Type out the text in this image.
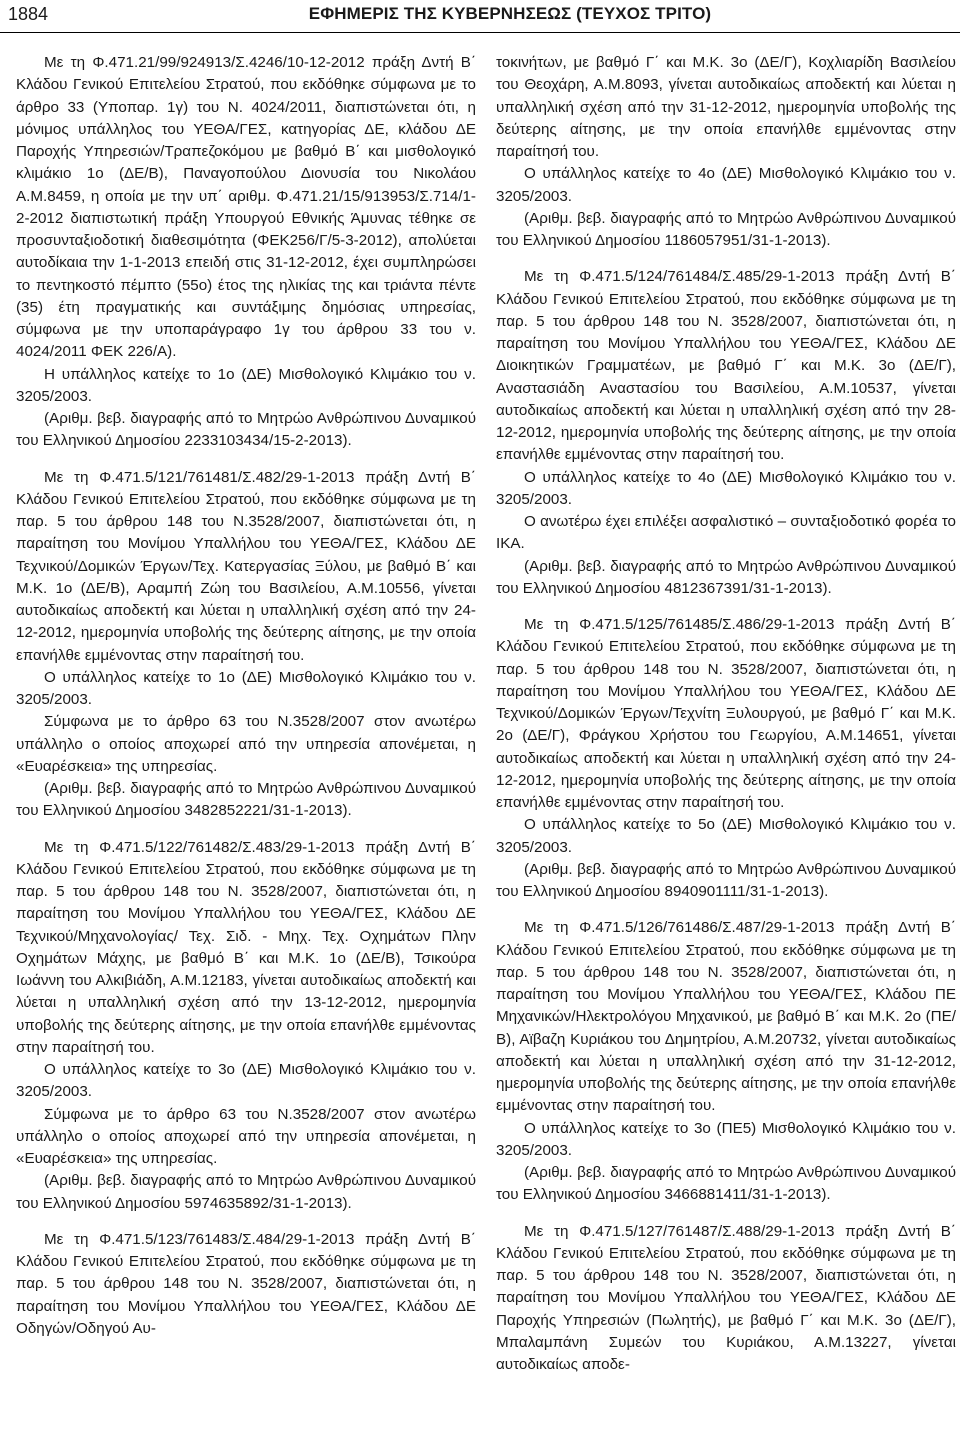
1884	ΕΦΗΜΕΡΙΣ ΤΗΣ ΚΥΒΕΡΝΗΣΕΩΣ (ΤΕΥΧΟΣ ΤΡΙΤΟ)

Με τη Φ.471.21/99/924913/Σ.4246/10-12-2012 πράξη Δντή Β΄ Κλάδου Γενικού Επιτελείου Στρατού, που εκδόθηκε σύμφωνα με το άρθρο 33 (Υποπαρ. 1γ) του Ν. 4024/2011, διαπιστώνεται ότι, η μόνιμος υπάλληλος του ΥΕΘΑ/ΓΕΣ, κατηγορίας ΔΕ, κλάδου ΔΕ Παροχής Υπηρεσιών/Τραπεζοκόμου με βαθμό Β΄ και μισθολογικό κλιμάκιο 1ο (ΔΕ/Β), Παναγοπούλου Διονυσία του Νικολάου Α.Μ.8459, η οποία με την υπ΄ αριθμ. Φ.471.21/15/913953/Σ.714/1-2-2012 διαπιστωτική πράξη Υπουργού Εθνικής Άμυνας τέθηκε σε προσυνταξιοδοτική διαθεσιμότητα (ΦΕΚ256/Γ/5-3-2012), απολύεται αυτοδίκαια την 1-1-2013 επειδή στις 31-12-2012, έχει συμπληρώσει το πεντηκοστό πέμπτο (55ο) έτος της ηλικίας της και τριάντα πέντε (35) έτη πραγματικής και συντάξιμης δημόσιας υπηρεσίας, σύμφωνα με την υποπαράγραφο 1γ του άρθρου 33 του ν. 4024/2011 ΦΕΚ 226/Α).

Η υπάλληλος κατείχε το 1ο (ΔΕ) Μισθολογικό Κλιμάκιο του ν. 3205/2003.

(Αριθμ. βεβ. διαγραφής από το Μητρώο Ανθρώπινου Δυναμικού του Ελληνικού Δημοσίου 2233103434/15-2-2013).

Με τη Φ.471.5/121/761481/Σ.482/29-1-2013 πράξη Δντή Β΄ Κλάδου Γενικού Επιτελείου Στρατού, που εκδόθηκε σύμφωνα με τη παρ. 5 του άρθρου 148 του Ν.3528/2007, διαπιστώνεται ότι, η παραίτηση του Μονίμου Υπαλλήλου του ΥΕΘΑ/ΓΕΣ, Κλάδου ΔΕ Τεχνικού/Δομικών Έργων/Τεχ. Κατεργασίας Ξύλου, με βαθμό Β΄ και Μ.Κ. 1ο (ΔΕ/Β), Αραμπή Ζώη του Βασιλείου, Α.Μ.10556, γίνεται αυτοδικαίως αποδεκτή και λύεται η υπαλληλική σχέση από την 24-12-2012, ημερομηνία υποβολής της δεύτερης αίτησης, με την οποία επανήλθε εμμένοντας στην παραίτησή του.

Ο υπάλληλος κατείχε το 1ο (ΔΕ) Μισθολογικό Κλιμάκιο του ν. 3205/2003.

Σύμφωνα με το άρθρο 63 του Ν.3528/2007 στον ανωτέρω υπάλληλο ο οποίος αποχωρεί από την υπηρεσία απονέμεται, η «Ευαρέσκεια» της υπηρεσίας.

(Αριθμ. βεβ. διαγραφής από το Μητρώο Ανθρώπινου Δυναμικού του Ελληνικού Δημοσίου 3482852221/31-1-2013).

Με τη Φ.471.5/122/761482/Σ.483/29-1-2013 πράξη Δντή Β΄ Κλάδου Γενικού Επιτελείου Στρατού, που εκδόθηκε σύμφωνα με τη παρ. 5 του άρθρου 148 του Ν. 3528/2007, διαπιστώνεται ότι, η παραίτηση του Μονίμου Υπαλλήλου του ΥΕΘΑ/ΓΕΣ, Κλάδου ΔΕ Τεχνικού/Μηχανολογίας/ Τεχ. Σιδ. - Μηχ. Τεχ. Οχημάτων Πλην Οχημάτων Μάχης, με βαθμό Β΄ και Μ.Κ. 1ο (ΔΕ/Β), Τσικούρα Ιωάννη του Αλκιβιάδη, Α.Μ.12183, γίνεται αυτοδικαίως αποδεκτή και λύεται η υπαλληλική σχέση από την 13-12-2012, ημερομηνία υποβολής της δεύτερης αίτησης, με την οποία επανήλθε εμμένοντας στην παραίτησή του.

Ο υπάλληλος κατείχε το 3ο (ΔΕ) Μισθολογικό Κλιμάκιο του ν. 3205/2003.

Σύμφωνα με το άρθρο 63 του Ν.3528/2007 στον ανωτέρω υπάλληλο ο οποίος αποχωρεί από την υπηρεσία απονέμεται, η «Ευαρέσκεια» της υπηρεσίας.

(Αριθμ. βεβ. διαγραφής από το Μητρώο Ανθρώπινου Δυναμικού του Ελληνικού Δημοσίου 5974635892/31-1-2013).

Με τη Φ.471.5/123/761483/Σ.484/29-1-2013 πράξη Δντή Β΄ Κλάδου Γενικού Επιτελείου Στρατού, που εκδόθηκε σύμφωνα με τη παρ. 5 του άρθρου 148 του Ν. 3528/2007, διαπιστώνεται ότι, η παραίτηση του Μονίμου Υπαλλήλου του ΥΕΘΑ/ΓΕΣ, Κλάδου ΔΕ Οδηγών/Οδηγού Αυ-

τοκινήτων, με βαθμό Γ΄ και Μ.Κ. 3ο (ΔΕ/Γ), Κοχλιαρίδη Βασιλείου του Θεοχάρη, Α.Μ.8093, γίνεται αυτοδικαίως αποδεκτή και λύεται η υπαλληλική σχέση από την 31-12-2012, ημερομηνία υποβολής της δεύτερης αίτησης, με την οποία επανήλθε εμμένοντας στην παραίτησή του.

Ο υπάλληλος κατείχε το 4ο (ΔΕ) Μισθολογικό Κλιμάκιο του ν. 3205/2003.

(Αριθμ. βεβ. διαγραφής από το Μητρώο Ανθρώπινου Δυναμικού του Ελληνικού Δημοσίου 1186057951/31-1-2013).

Με τη Φ.471.5/124/761484/Σ.485/29-1-2013 πράξη Δντή Β΄ Κλάδου Γενικού Επιτελείου Στρατού, που εκδόθηκε σύμφωνα με τη παρ. 5 του άρθρου 148 του Ν. 3528/2007, διαπιστώνεται ότι, η παραίτηση του Μονίμου Υπαλλήλου του ΥΕΘΑ/ΓΕΣ, Κλάδου ΔΕ Διοικητικών Γραμματέων, με βαθμό Γ΄ και Μ.Κ. 3ο (ΔΕ/Γ), Αναστασιάδη Αναστασίου του Βασιλείου, Α.Μ.10537, γίνεται αυτοδικαίως αποδεκτή και λύεται η υπαλληλική σχέση από την 28-12-2012, ημερομηνία υποβολής της δεύτερης αίτησης, με την οποία επανήλθε εμμένοντας στην παραίτησή του.

Ο υπάλληλος κατείχε το 4ο (ΔΕ) Μισθολογικό Κλιμάκιο του ν. 3205/2003.

Ο ανωτέρω έχει επιλέξει ασφαλιστικό – συνταξιοδοτικό φορέα το ΙΚΑ.

(Αριθμ. βεβ. διαγραφής από το Μητρώο Ανθρώπινου Δυναμικού του Ελληνικού Δημοσίου 4812367391/31-1-2013).

Με τη Φ.471.5/125/761485/Σ.486/29-1-2013 πράξη Δντή Β΄ Κλάδου Γενικού Επιτελείου Στρατού, που εκδόθηκε σύμφωνα με τη παρ. 5 του άρθρου 148 του Ν. 3528/2007, διαπιστώνεται ότι, η παραίτηση του Μονίμου Υπαλλήλου του ΥΕΘΑ/ΓΕΣ, Κλάδου ΔΕ Τεχνικού/Δομικών Έργων/Τεχνίτη Ξυλουργού, με βαθμό Γ΄ και Μ.Κ. 2ο (ΔΕ/Γ), Φράγκου Χρήστου του Γεωργίου, Α.Μ.14651, γίνεται αυτοδικαίως αποδεκτή και λύεται η υπαλληλική σχέση από την 24-12-2012, ημερομηνία υποβολής της δεύτερης αίτησης, με την οποία επανήλθε εμμένοντας στην παραίτησή του.

Ο υπάλληλος κατείχε το 5ο (ΔΕ) Μισθολογικό Κλιμάκιο του ν. 3205/2003.

(Αριθμ. βεβ. διαγραφής από το Μητρώο Ανθρώπινου Δυναμικού του Ελληνικού Δημοσίου 8940901111/31-1-2013).

Με τη Φ.471.5/126/761486/Σ.487/29-1-2013 πράξη Δντή Β΄ Κλάδου Γενικού Επιτελείου Στρατού, που εκδόθηκε σύμφωνα με τη παρ. 5 του άρθρου 148 του Ν. 3528/2007, διαπιστώνεται ότι, η παραίτηση του Μονίμου Υπαλλήλου του ΥΕΘΑ/ΓΕΣ, Κλάδου ΠΕ Μηχανικών/Ηλεκτρολόγου Μηχανικού, με βαθμό Β΄ και Μ.Κ. 2ο (ΠΕ/Β), Αϊβαζη Κυριάκου του Δημητρίου, Α.Μ.20732, γίνεται αυτοδικαίως αποδεκτή και λύεται η υπαλληλική σχέση από την 31-12-2012, ημερομηνία υποβολής της δεύτερης αίτησης, με την οποία επανήλθε εμμένοντας στην παραίτησή του.

Ο υπάλληλος κατείχε το 3ο (ΠΕ5) Μισθολογικό Κλιμάκιο του ν. 3205/2003.

(Αριθμ. βεβ. διαγραφής από το Μητρώο Ανθρώπινου Δυναμικού του Ελληνικού Δημοσίου 3466881411/31-1-2013).

Με τη Φ.471.5/127/761487/Σ.488/29-1-2013 πράξη Δντή Β΄ Κλάδου Γενικού Επιτελείου Στρατού, που εκδόθηκε σύμφωνα με τη παρ. 5 του άρθρου 148 του Ν. 3528/2007, διαπιστώνεται ότι, η παραίτηση του Μονίμου Υπαλλήλου του ΥΕΘΑ/ΓΕΣ, Κλάδου ΔΕ Παροχής Υπηρεσιών (Πωλητής), με βαθμό Γ΄ και Μ.Κ. 3ο (ΔΕ/Γ), Μπαλαμπάνη Συμεών του Κυριάκου, Α.Μ.13227, γίνεται αυτοδικαίως αποδε-
